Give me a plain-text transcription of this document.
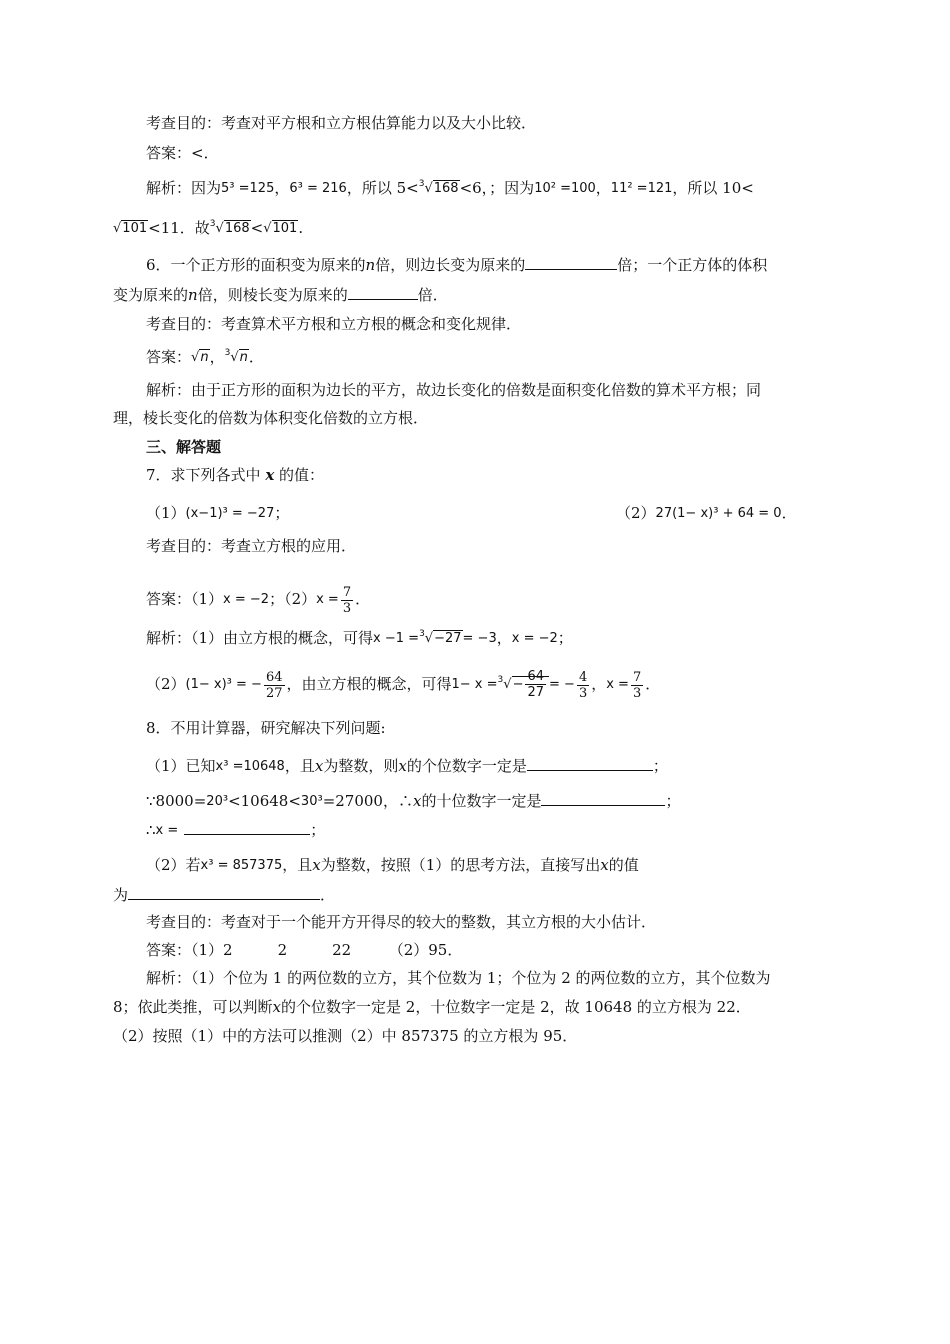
考查目的：考查对平方根和立方根估算能力以及大小比较．
答案：<．
解析：因为5³ =125，6³ = 216，所以 5<$^3$√168<6，；因为10² =100，11² =121，所以 10<
√101<11．故$^3$√168<√101.
6．一个正方形的面积变为原来的n倍，则边长变为原来的	倍；一个正方体的体积
变为原来的n倍，则棱长变为原来的	倍．
考查目的：考查算术平方根和立方根的概念和变化规律．
答案：√n，$^3$√n．
解析：由于正方形的面积为边长的平方，故边长变化的倍数是面积变化倍数的算术平方根；同
理，棱长变化的倍数为体积变化倍数的立方根．
三、解答题
7．求下列各式中 x 的值：
（1）(x−1)³ = −27；	（2）27(1− x)³ + 64 = 0．
考查目的：考查立方根的应用．
答案：（1）x = −2；$(2)x = \frac{7}{3}$ ．
解析：（1）由立方根的概念，可得x −1 =$^3$√−27= −3，x = −2；
（2）(1− x)³ = − $\frac{64}{27}$ ，由立方根的概念，可得$1- x =^3√- \frac{64}{27}$ = − $\frac{4}{3}$ ，$x = \frac{7}{3}$ ．
8．不用计算器，研究解决下列问题:
（1）已知x³ =10648，且x为整数，则x的个位数字一定是	；
∵8000=20³<10648<30³=27000，∴x的十位数字一定是	；
∴x =	；
（2）若x³ = 857375，且x为整数，按照（1）的思考方法，直接写出x的值
为	．
考查目的：考查对于一个能开方开得尽的较大的整数，其立方根的大小估计．
答案：（1）2　　　2　　　22　　　（2）95．
解析：（1）个位为 1 的两位数的立方，其个位数为 1；个位为 2 的两位数的立方，其个位数为
8；依此类推，可以判断x的个位数字一定是 2，十位数字一定是 2，故 10648 的立方根为 22．
（2）按照（1）中的方法可以推测（2）中 857375 的立方根为 95．
